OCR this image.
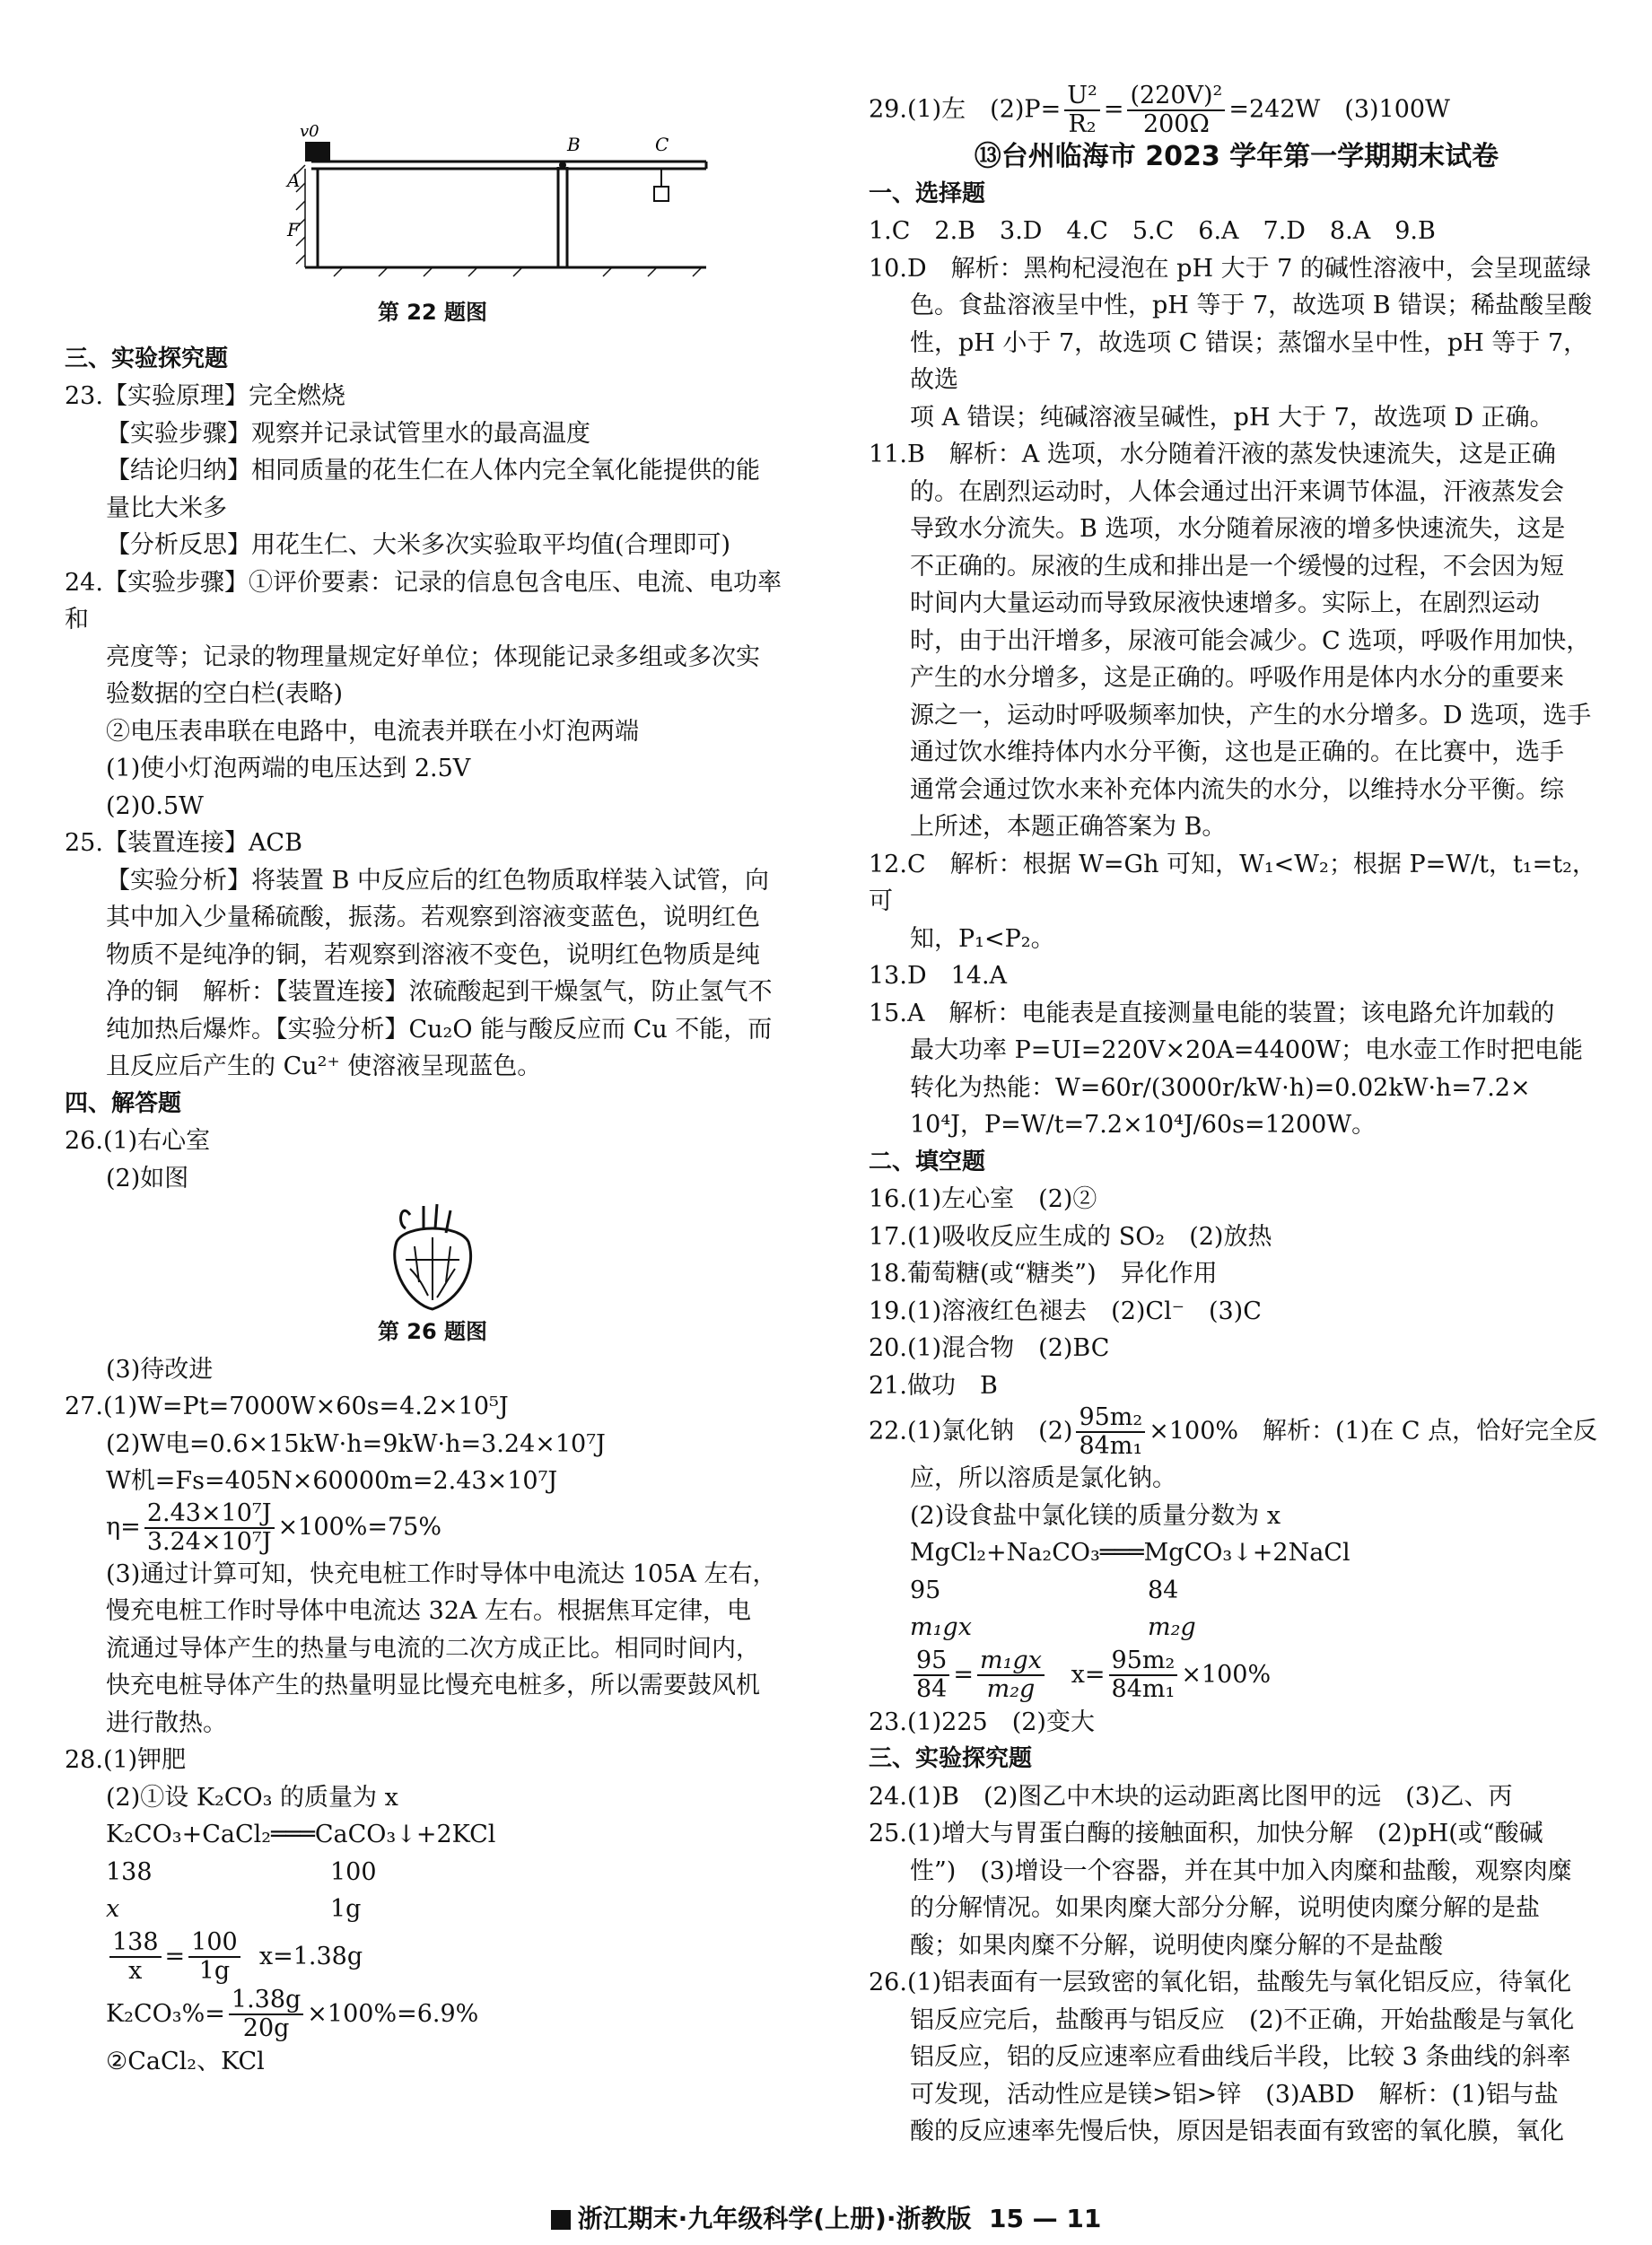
v0
A
B	C
F
第 22 题图

三、实验探究题

23.【实验原理】完全燃烧

【实验步骤】观察并记录试管里水的最高温度

【结论归纳】相同质量的花生仁在人体内完全氧化能提供的能

量比大米多

【分析反思】用花生仁、大米多次实验取平均值(合理即可)

24.【实验步骤】①评价要素：记录的信息包含电压、电流、电功率和

亮度等；记录的物理量规定好单位；体现能记录多组或多次实

验数据的空白栏(表略)

②电压表串联在电路中，电流表并联在小灯泡两端

(1)使小灯泡两端的电压达到 2.5V

(2)0.5W

25.【装置连接】ACB

【实验分析】将装置 B 中反应后的红色物质取样装入试管，向

其中加入少量稀硫酸，振荡。若观察到溶液变蓝色，说明红色

物质不是纯净的铜，若观察到溶液不变色，说明红色物质是纯

净的铜　解析：【装置连接】浓硫酸起到干燥氢气，防止氢气不

纯加热后爆炸。【实验分析】Cu₂O 能与酸反应而 Cu 不能，而

且反应后产生的 Cu²⁺ 使溶液呈现蓝色。

四、解答题

26.(1)右心室

(2)如图

第 26 题图

(3)待改进

27.(1)W=Pt=7000W×60s=4.2×10⁵J

(2)W电=0.6×15kW·h=9kW·h=3.24×10⁷J

W机=Fs=405N×60000m=2.43×10⁷J

$\eta= \frac{\text{2.43×10⁷J}}{\text{3.24×10⁷J}} \times 100\%=75\%$

(3)通过计算可知，快充电桩工作时导体中电流达 105A 左右，

慢充电桩工作时导体中电流达 32A 左右。根据焦耳定律，电

流通过导体产生的热量与电流的二次方成正比。相同时间内，

快充电桩导体产生的热量明显比慢充电桩多，所以需要鼓风机

进行散热。

28.(1)钾肥

(2)①设 K₂CO₃ 的质量为 x

K₂CO₃+CaCl₂═══CaCO₃↓+2KCl

138	100

x	1g

$\frac{138}{x} = \frac{100}{1g} x=1.38g$

$K_2CO_3\%= \frac{1.38g}{20g} \times 100\%=6.9\%$

②CaCl₂、KCl

29.(1)左　$(2)P= \frac{\text{U²}}{\text{R₂}} = \frac{\text{(220V)²}}{200\Omega} =242W$　(3)100W

⑬台州临海市 2023 学年第一学期期末试卷

一、选择题

1.C　2.B　3.D　4.C　5.C　6.A　7.D　8.A　9.B

10.D　解析：黑枸杞浸泡在 pH 大于 7 的碱性溶液中，会呈现蓝绿

色。食盐溶液呈中性，pH 等于 7，故选项 B 错误；稀盐酸呈酸

性，pH 小于 7，故选项 C 错误；蒸馏水呈中性，pH 等于 7，故选

项 A 错误；纯碱溶液呈碱性，pH 大于 7，故选项 D 正确。

11.B　解析：A 选项，水分随着汗液的蒸发快速流失，这是正确

的。在剧烈运动时，人体会通过出汗来调节体温，汗液蒸发会

导致水分流失。B 选项，水分随着尿液的增多快速流失，这是

不正确的。尿液的生成和排出是一个缓慢的过程，不会因为短

时间内大量运动而导致尿液快速增多。实际上，在剧烈运动

时，由于出汗增多，尿液可能会减少。C 选项，呼吸作用加快，

产生的水分增多，这是正确的。呼吸作用是体内水分的重要来

源之一，运动时呼吸频率加快，产生的水分增多。D 选项，选手

通过饮水维持体内水分平衡，这也是正确的。在比赛中，选手

通常会通过饮水来补充体内流失的水分，以维持水分平衡。综

上所述，本题正确答案为 B。

12.C　解析：根据 W=Gh 可知，W₁<W₂；根据 P=W/t，t₁=t₂，可

知，P₁<P₂。

13.D　14.A

15.A　解析：电能表是直接测量电能的装置；该电路允许加载的

最大功率 P=UI=220V×20A=4400W；电水壶工作时把电能

转化为热能：W=60r/(3000r/kW·h)=0.02kW·h=7.2×

10⁴J，P=W/t=7.2×10⁴J/60s=1200W。

二、填空题

16.(1)左心室　(2)②

17.(1)吸收反应生成的 SO₂　(2)放热

18.葡萄糖(或“糖类”)　异化作用

19.(1)溶液红色褪去　(2)Cl⁻　(3)C

20.(1)混合物　(2)BC

21.做功　B

22.(1)氯化钠　$(2) \frac{\text{95m₂}}{\text{84m₁}} \times 100\%$　解析：(1)在 C 点，恰好完全反

应，所以溶质是氯化钠。

(2)设食盐中氯化镁的质量分数为 x

MgCl₂+Na₂CO₃═══MgCO₃↓+2NaCl

95	84

m₁gx	m₂g

$\frac{95}{84} = \frac{\text{m₁gx}}{\text{m₂g}} x= \frac{\text{95m₂}}{\text{84m₁}} \times 100\%$

23.(1)225　(2)变大

三、实验探究题

24.(1)B　(2)图乙中木块的运动距离比图甲的远　(3)乙、丙

25.(1)增大与胃蛋白酶的接触面积，加快分解　(2)pH(或“酸碱

性”)　(3)增设一个容器，并在其中加入肉糜和盐酸，观察肉糜

的分解情况。如果肉糜大部分分解，说明使肉糜分解的是盐

酸；如果肉糜不分解，说明使肉糜分解的不是盐酸

26.(1)铝表面有一层致密的氧化铝，盐酸先与氧化铝反应，待氧化

铝反应完后，盐酸再与铝反应　(2)不正确，开始盐酸是与氧化

铝反应，铝的反应速率应看曲线后半段，比较 3 条曲线的斜率

可发现，活动性应是镁>铝>锌　(3)ABD　解析：(1)铝与盐

酸的反应速率先慢后快，原因是铝表面有致密的氧化膜，氧化

浙江期末·九年级科学(上册)·浙教版 15 — 11
